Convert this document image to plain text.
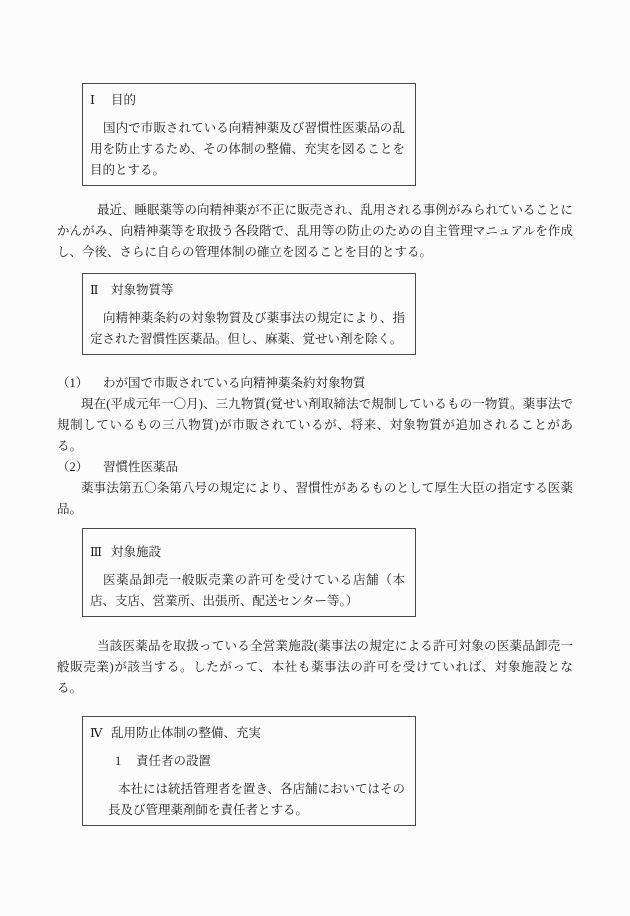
Ⅰ 目的

国内で市販されている向精神薬及び習慣性医薬品の乱用を防止するため、その体制の整備、充実を図ることを目的とする。

最近、睡眠薬等の向精神薬が不正に販売され、乱用される事例がみられていることにかんがみ、向精神薬等を取扱う各段階で、乱用等の防止のための自主管理マニュアルを作成し、今後、さらに自らの管理体制の確立を図ることを目的とする。

Ⅱ 対象物質等

向精神薬条約の対象物質及び薬事法の規定により、指定された習慣性医薬品。但し、麻薬、覚せい剤を除く。

（1） わが国で市販されている向精神薬条約対象物質

現在(平成元年一〇月)、三九物質(覚せい剤取締法で規制しているもの一物質。薬事法で規制しているもの三八物質)が市販されているが、将来、対象物質が追加されることがある。

（2） 習慣性医薬品

薬事法第五〇条第八号の規定により、習慣性があるものとして厚生大臣の指定する医薬品。

Ⅲ 対象施設

医薬品卸売一般販売業の許可を受けている店舗（本店、支店、営業所、出張所、配送センター等。）

当該医薬品を取扱っている全営業施設(薬事法の規定による許可対象の医薬品卸売一般販売業)が該当する。したがって、本社も薬事法の許可を受けていれば、対象施設となる。

Ⅳ 乱用防止体制の整備、充実
1 責任者の設置

本社には統括管理者を置き、各店舗においてはその長及び管理薬剤師を責任者とする。
